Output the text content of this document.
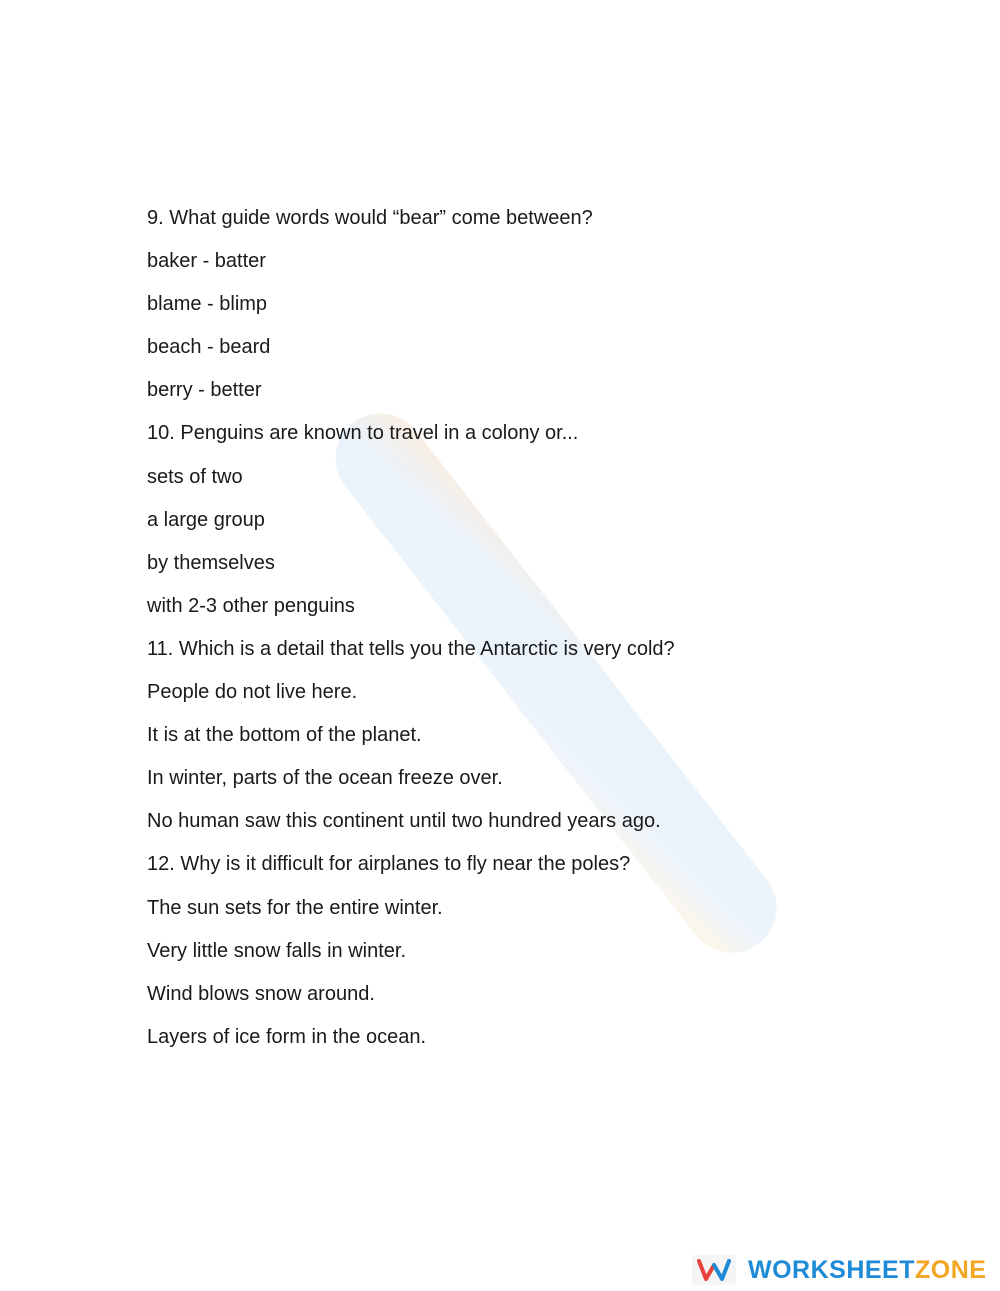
9. What guide words would “bear” come between?
baker - batter
blame - blimp
beach - beard
berry - better
10. Penguins are known to travel in a colony or...
sets of two
a large group
by themselves
with 2-3 other penguins
11. Which is a detail that tells you the Antarctic is very cold?
People do not live here.
It is at the bottom of the planet.
In winter, parts of the ocean freeze over.
No human saw this continent until two hundred years ago.
12. Why is it difficult for airplanes to fly near the poles?
The sun sets for the entire winter.
Very little snow falls in winter.
Wind blows snow around.
Layers of ice form in the ocean.
WORKSHEETZONE
